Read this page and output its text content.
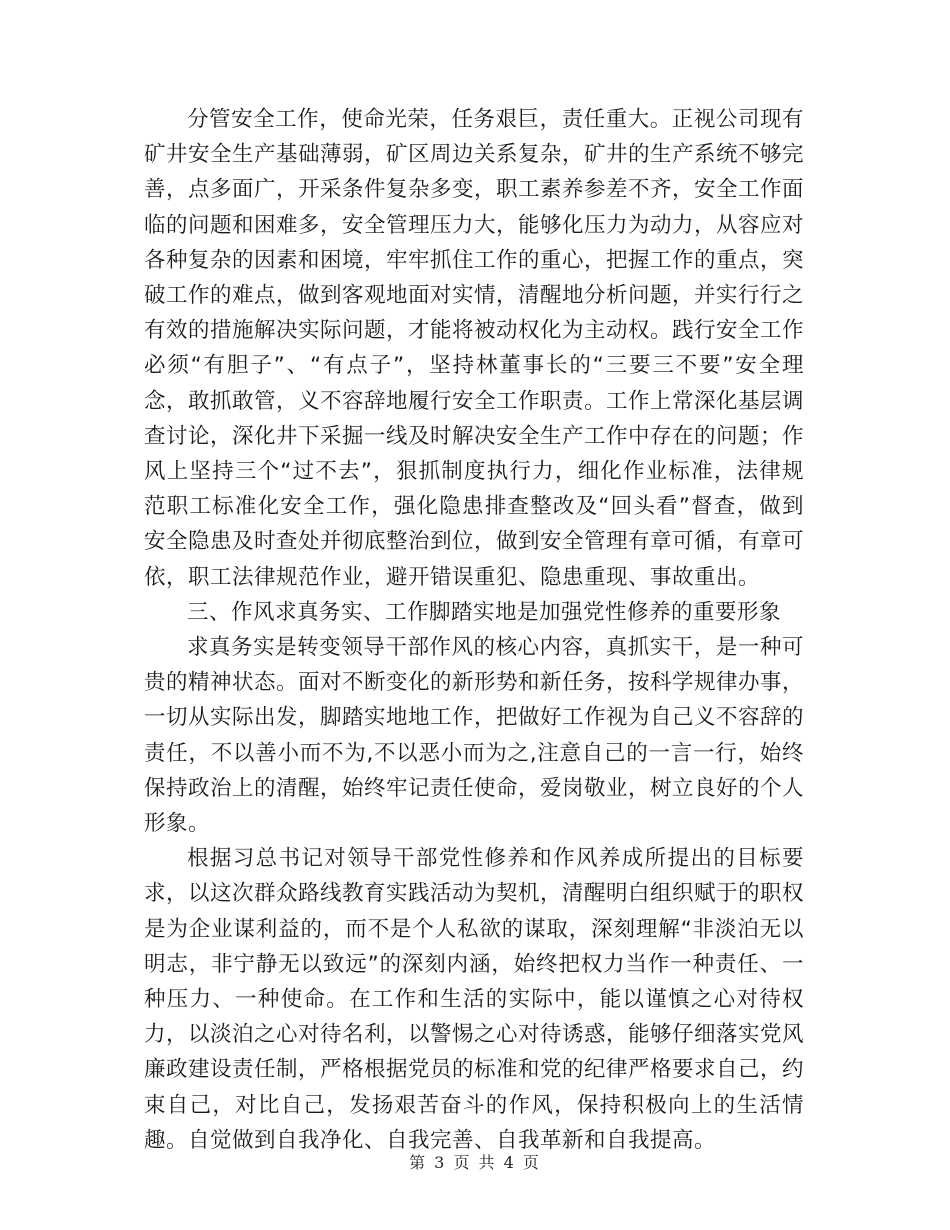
分管安全工作，使命光荣，任务艰巨，责任重大。正视公司现有矿井安全生产基础薄弱，矿区周边关系复杂，矿井的生产系统不够完善，点多面广，开采条件复杂多变，职工素养参差不齐，安全工作面临的问题和困难多，安全管理压力大，能够化压力为动力，从容应对各种复杂的因素和困境，牢牢抓住工作的重心，把握工作的重点，突破工作的难点，做到客观地面对实情，清醒地分析问题，并实行行之有效的措施解决实际问题，才能将被动权化为主动权。践行安全工作必须“有胆子”、“有点子”，坚持林董事长的“三要三不要”安全理念，敢抓敢管，义不容辞地履行安全工作职责。工作上常深化基层调查讨论，深化井下采掘一线及时解决安全生产工作中存在的问题；作风上坚持三个“过不去”，狠抓制度执行力，细化作业标准，法律规范职工标准化安全工作，强化隐患排查整改及“回头看”督查，做到安全隐患及时查处并彻底整治到位，做到安全管理有章可循，有章可依，职工法律规范作业，避开错误重犯、隐患重现、事故重出。

三、作风求真务实、工作脚踏实地是加强党性修养的重要形象

求真务实是转变领导干部作风的核心内容，真抓实干，是一种可贵的精神状态。面对不断变化的新形势和新任务，按科学规律办事，一切从实际出发，脚踏实地地工作，把做好工作视为自己义不容辞的责任，不以善小而不为,不以恶小而为之,注意自己的一言一行，始终保持政治上的清醒，始终牢记责任使命，爱岗敬业，树立良好的个人形象。

根据习总书记对领导干部党性修养和作风养成所提出的目标要求，以这次群众路线教育实践活动为契机，清醒明白组织赋于的职权是为企业谋利益的，而不是个人私欲的谋取，深刻理解“非淡泊无以明志，非宁静无以致远”的深刻内涵，始终把权力当作一种责任、一种压力、一种使命。在工作和生活的实际中，能以谨慎之心对待权力，以淡泊之心对待名利，以警惕之心对待诱惑，能够仔细落实党风廉政建设责任制，严格根据党员的标准和党的纪律严格要求自己，约束自己，对比自己，发扬艰苦奋斗的作风，保持积极向上的生活情趣。自觉做到自我净化、自我完善、自我革新和自我提高。

第 3 页 共 4 页
